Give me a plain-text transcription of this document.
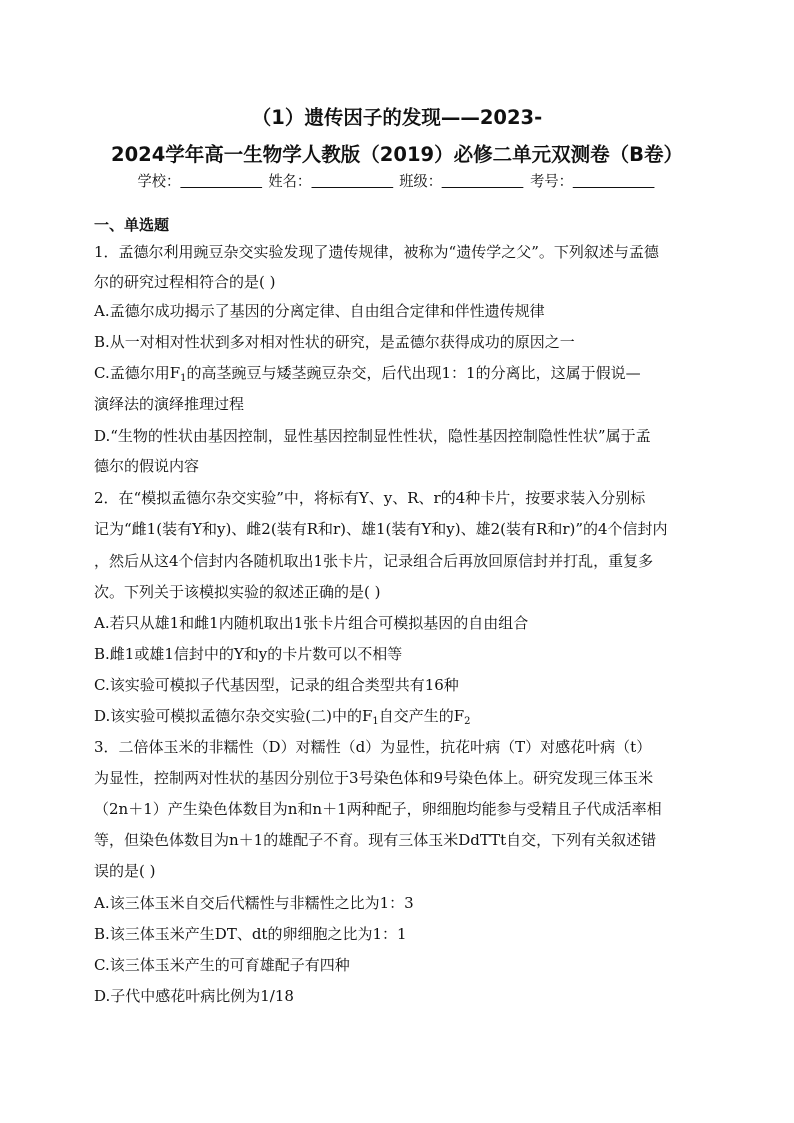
（1）遗传因子的发现——2023-
2024学年高一生物学人教版（2019）必修二单元双测卷（B卷）
学校：	姓名：	班级：	考号：
一、单选题
1．孟德尔利用豌豆杂交实验发现了遗传规律，被称为“遗传学之父”。下列叙述与孟德
尔的研究过程相符合的是( )
A.孟德尔成功揭示了基因的分离定律、自由组合定律和伴性遗传规律
B.从一对相对性状到多对相对性状的研究，是孟德尔获得成功的原因之一
C.孟德尔用$F_1$的高茎豌豆与矮茎豌豆杂交，后代出现1：1的分离比，这属于假说—
演绎法的演绎推理过程
D.“生物的性状由基因控制，显性基因控制显性性状，隐性基因控制隐性性状”属于孟
德尔的假说内容
2．在“模拟孟德尔杂交实验”中，将标有Y、y、R、r的4种卡片，按要求装入分别标
记为“雌1(装有Y和y)、雌2(装有R和r)、雄1(装有Y和y)、雄2(装有R和r)”的4个信封内
，然后从这4个信封内各随机取出1张卡片，记录组合后再放回原信封并打乱，重复多
次。下列关于该模拟实验的叙述正确的是( )
A.若只从雄1和雌1内随机取出1张卡片组合可模拟基因的自由组合
B.雌1或雄1信封中的Y和y的卡片数可以不相等
C.该实验可模拟子代基因型，记录的组合类型共有16种
D.该实验可模拟孟德尔杂交实验(二)中的$F_1$自交产生的$F_2$
3．二倍体玉米的非糯性（D）对糯性（d）为显性，抗花叶病（T）对感花叶病（t）
为显性，控制两对性状的基因分别位于3号染色体和9号染色体上。研究发现三体玉米
（2n＋1）产生染色体数目为n和n＋1两种配子，卵细胞均能参与受精且子代成活率相
等，但染色体数目为n＋1的雄配子不育。现有三体玉米DdTTt自交，下列有关叙述错
误的是( )
A.该三体玉米自交后代糯性与非糯性之比为1：3
B.该三体玉米产生DT、dt的卵细胞之比为1：1
C.该三体玉米产生的可育雄配子有四种
D.子代中感花叶病比例为1/18
